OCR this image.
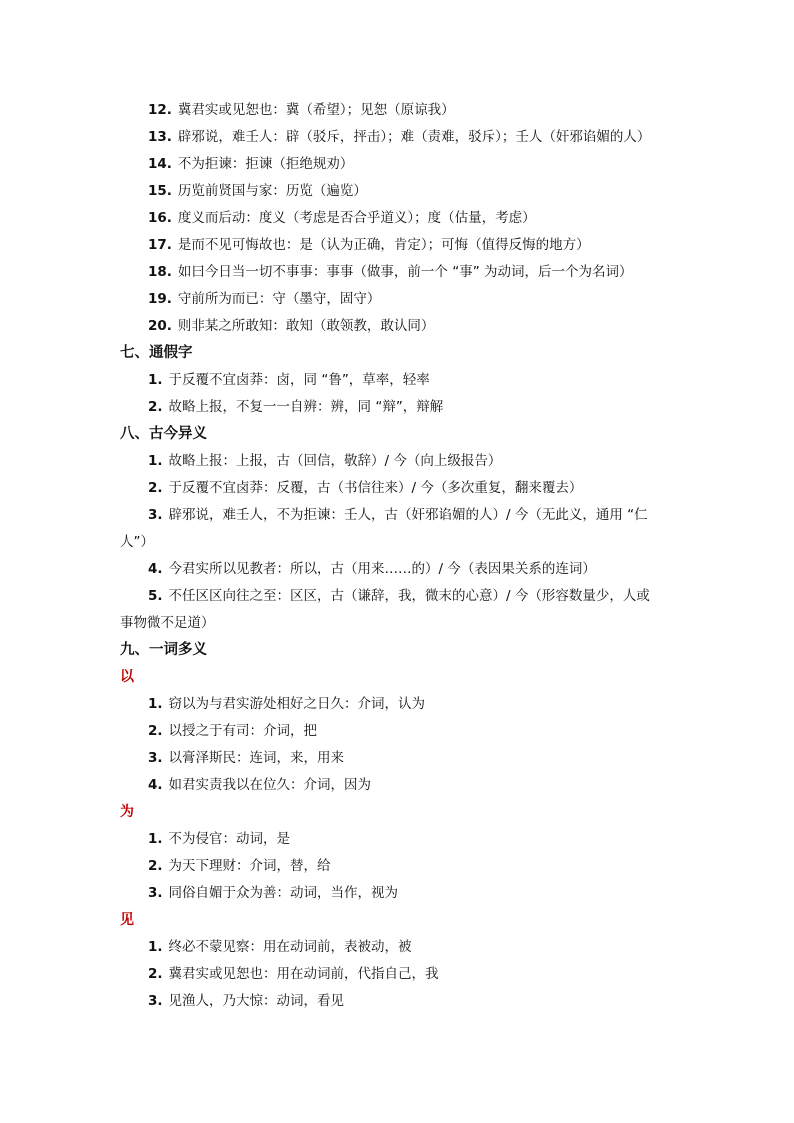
12. 冀君实或见恕也：冀（希望）；见恕（原谅我）
13. 辟邪说，难壬人：辟（驳斥，抨击）；难（责难，驳斥）；壬人（奸邪谄媚的人）
14. 不为拒谏：拒谏（拒绝规劝）
15. 历览前贤国与家：历览（遍览）
16. 度义而后动：度义（考虑是否合乎道义）；度（估量，考虑）
17. 是而不见可悔故也：是（认为正确，肯定）；可悔（值得反悔的地方）
18. 如曰今日当一切不事事：事事（做事，前一个 “事” 为动词，后一个为名词）
19. 守前所为而已：守（墨守，固守）
20. 则非某之所敢知：敢知（敢领教，敢认同）
七、通假字
1. 于反覆不宜卤莽：卤，同 “鲁”，草率，轻率
2. 故略上报，不复一一自辨：辨，同 “辩”，辩解
八、古今异义
1. 故略上报：上报，古（回信，敬辞）/ 今（向上级报告）
2. 于反覆不宜卤莽：反覆，古（书信往来）/ 今（多次重复，翻来覆去）
3. 辟邪说，难壬人，不为拒谏：壬人，古（奸邪谄媚的人）/ 今（无此义，通用 “仁
人”）
4. 今君实所以见教者：所以，古（用来……的）/ 今（表因果关系的连词）
5. 不任区区向往之至：区区，古（谦辞，我，微末的心意）/ 今（形容数量少，人或
事物微不足道）
九、一词多义
以
1. 窃以为与君实游处相好之日久：介词，认为
2. 以授之于有司：介词，把
3. 以膏泽斯民：连词，来，用来
4. 如君实责我以在位久：介词，因为
为
1. 不为侵官：动词，是
2. 为天下理财：介词，替，给
3. 同俗自媚于众为善：动词，当作，视为
见
1. 终必不蒙见察：用在动词前，表被动，被
2. 冀君实或见恕也：用在动词前，代指自己，我
3. 见渔人，乃大惊：动词，看见
